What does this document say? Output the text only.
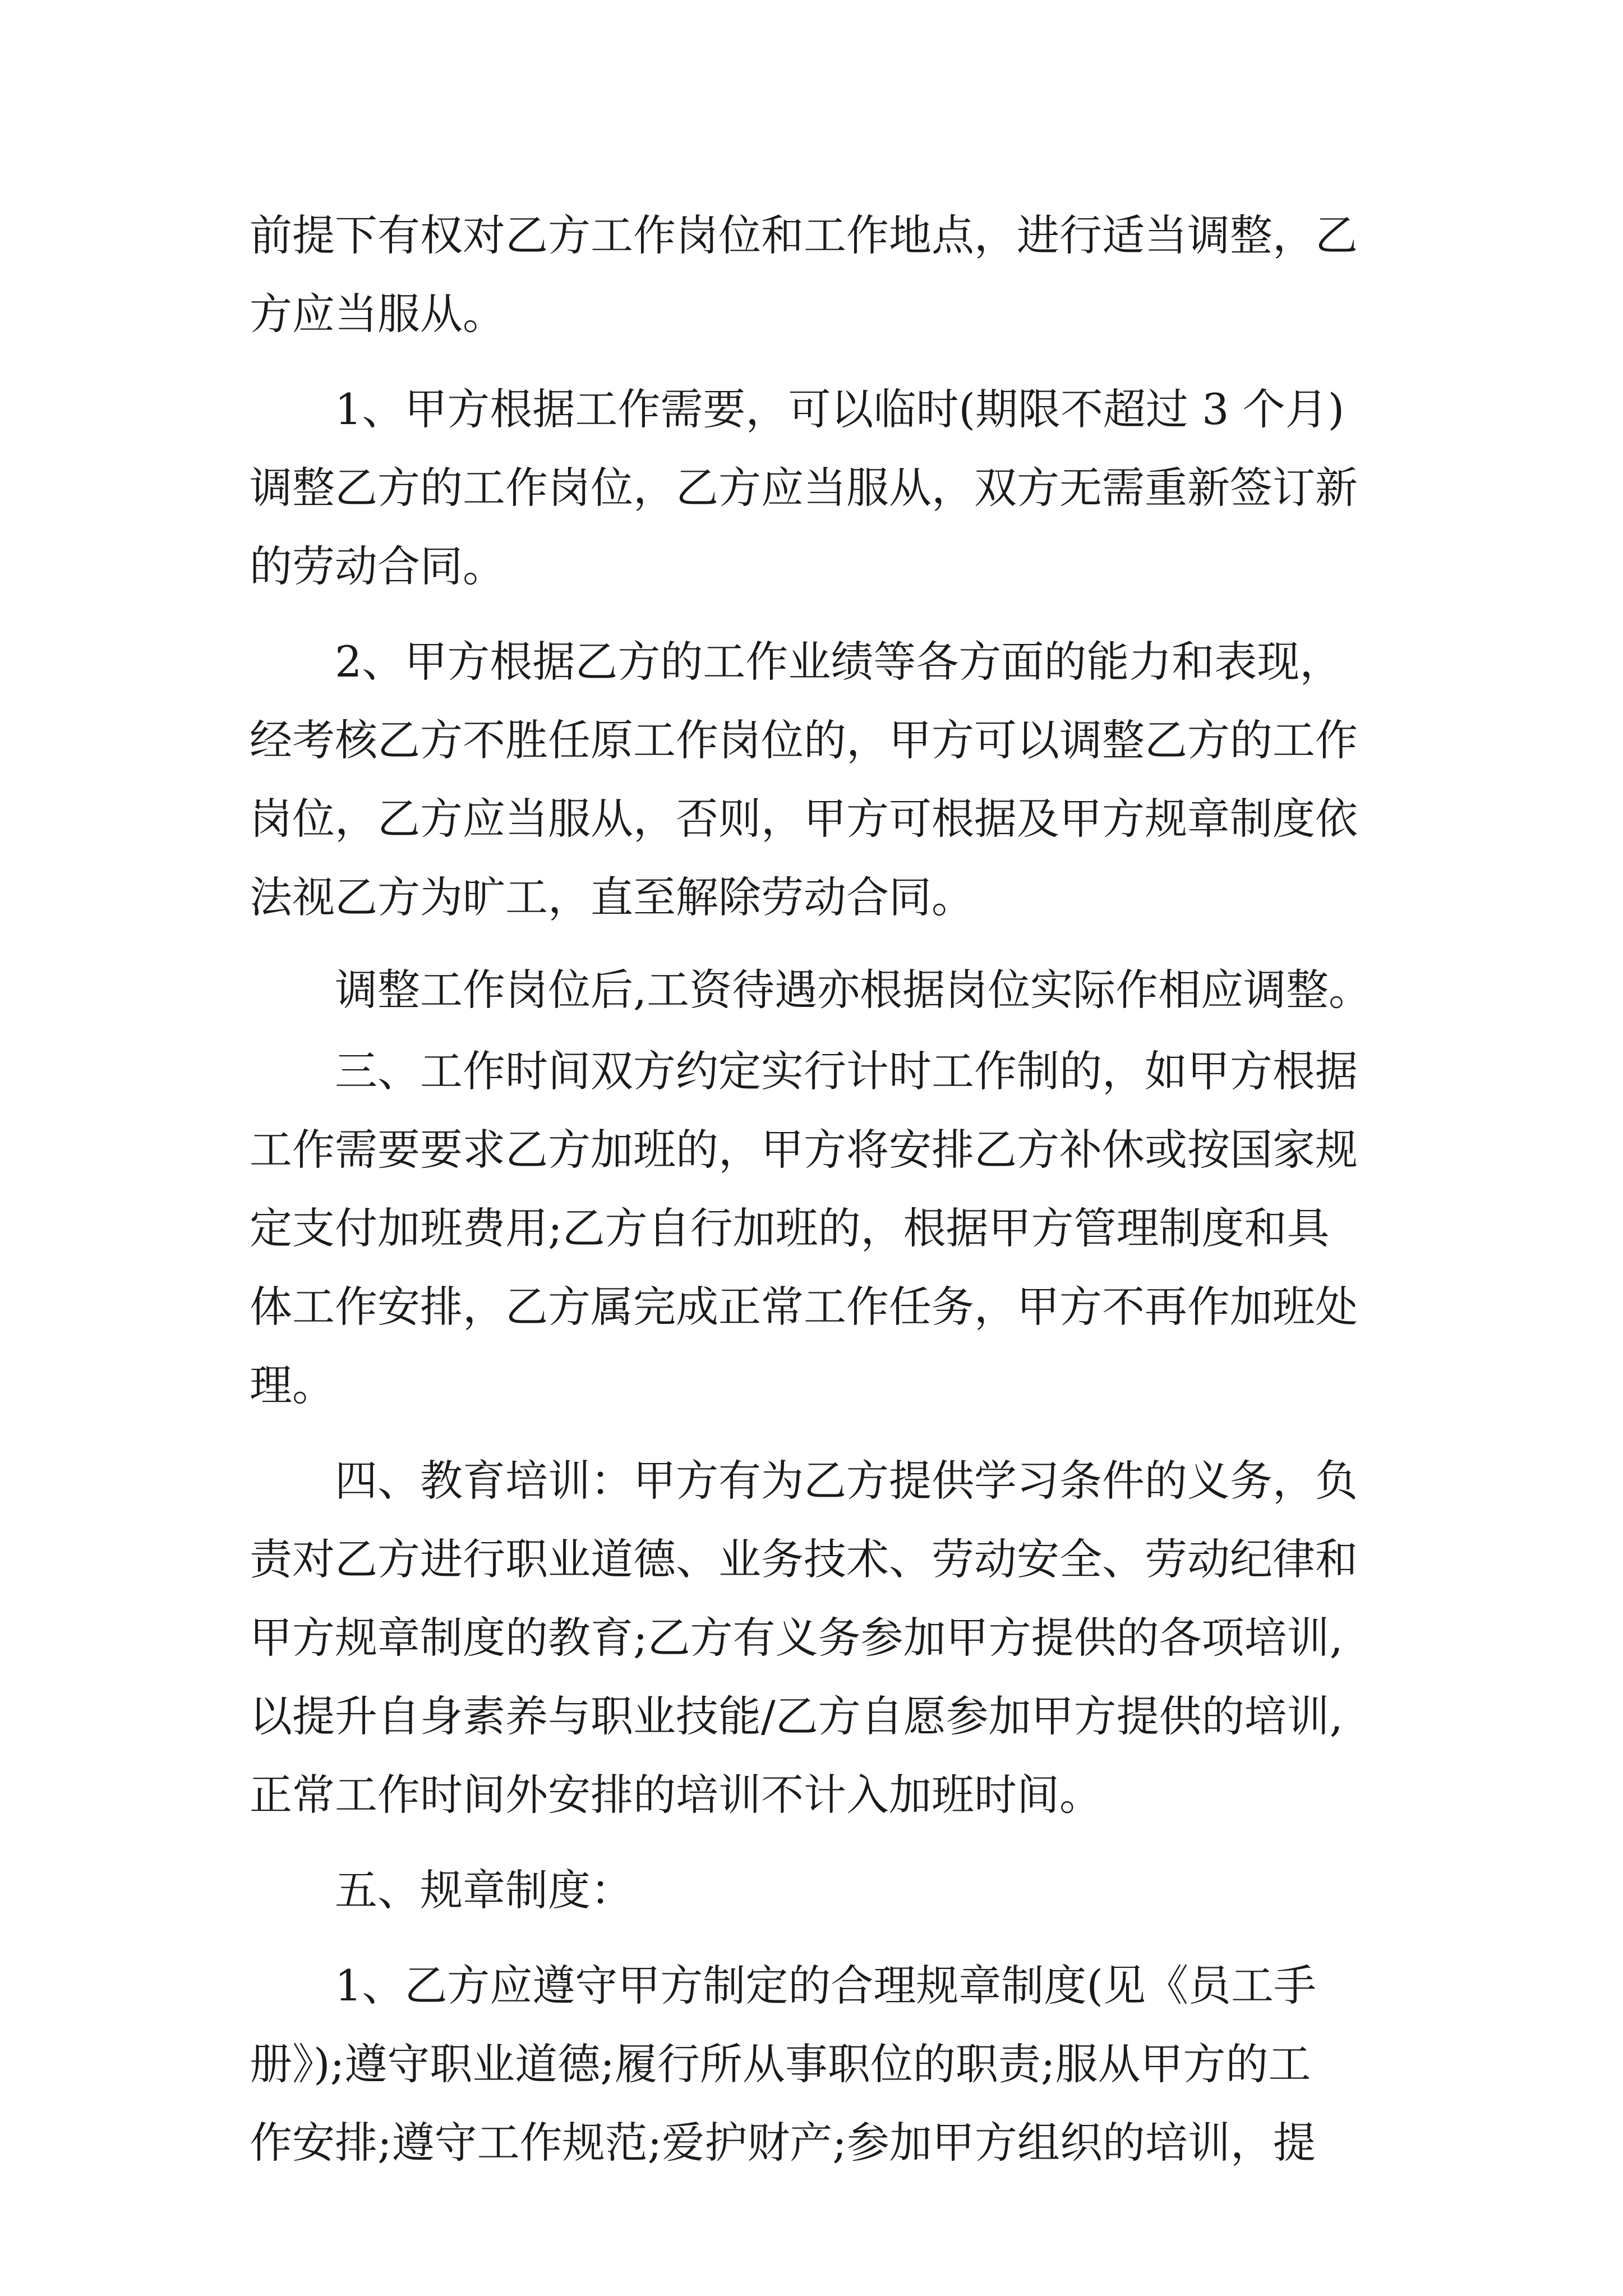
前提下有权对乙方工作岗位和工作地点，进行适当调整，乙
方应当服从。
1、甲方根据工作需要，可以临时(期限不超过 3 个月)
调整乙方的工作岗位，乙方应当服从，双方无需重新签订新
的劳动合同。
2、甲方根据乙方的工作业绩等各方面的能力和表现，
经考核乙方不胜任原工作岗位的，甲方可以调整乙方的工作
岗位，乙方应当服从，否则，甲方可根据及甲方规章制度依
法视乙方为旷工，直至解除劳动合同。
调整工作岗位后,工资待遇亦根据岗位实际作相应调整。
三、工作时间双方约定实行计时工作制的，如甲方根据
工作需要要求乙方加班的，甲方将安排乙方补休或按国家规
定支付加班费用;乙方自行加班的，根据甲方管理制度和具
体工作安排，乙方属完成正常工作任务，甲方不再作加班处
理。
四、教育培训：甲方有为乙方提供学习条件的义务，负
责对乙方进行职业道德、业务技术、劳动安全、劳动纪律和
甲方规章制度的教育;乙方有义务参加甲方提供的各项培训,
以提升自身素养与职业技能/乙方自愿参加甲方提供的培训,
正常工作时间外安排的培训不计入加班时间。
五、规章制度：
1、乙方应遵守甲方制定的合理规章制度(见《员工手
册》);遵守职业道德;履行所从事职位的职责;服从甲方的工
作安排;遵守工作规范;爱护财产;参加甲方组织的培训，提
